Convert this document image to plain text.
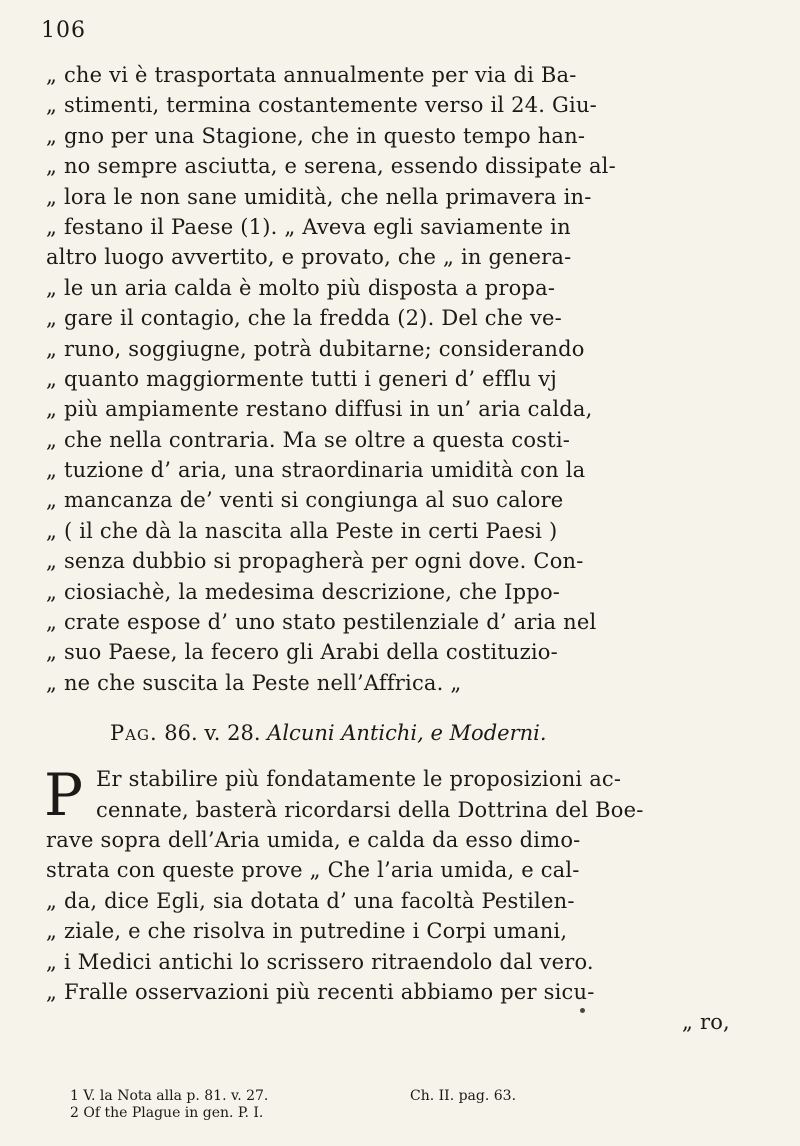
106
„ che vi è trasportata annualmente per via di Ba-
„ stimenti, termina costantemente verso il 24. Giu-
„ gno per una Stagione, che in questo tempo han-
„ no sempre asciutta, e serena, essendo dissipate al-
„ lora le non sane umidità, che nella primavera in-
„ festano il Paese (1). „ Aveva egli saviamente in
altro luogo avvertito, e provato, che „ in genera-
„ le un aria calda è molto più disposta a propa-
„ gare il contagio, che la fredda (2). Del che ve-
„ runo, soggiugne, potrà dubitarne; considerando
„ quanto maggiormente tutti i generi d’ efflu vj
„ più ampiamente restano diffusi in un’ aria calda,
„ che nella contraria. Ma se oltre a questa costi-
„ tuzione d’ aria, una straordinaria umidità con la
„ mancanza de’ venti si congiunga al suo calore
„ ( il che dà la nascita alla Peste in certi Paesi )
„ senza dubbio si propagherà per ogni dove. Con-
„ ciosiachè, la medesima descrizione, che Ippo-
„ crate espose d’ uno stato pestilenziale d’ aria nel
„ suo Paese, la fecero gli Arabi della costituzio-
„ ne che suscita la Peste nell’Affrica. „
Pag. 86. v. 28. Alcuni Antichi, e Moderni.
P Er stabilire più fondatamente le proposizioni ac-
cennate, basterà ricordarsi della Dottrina del Boe-
rave sopra dell’Aria umida, e calda da esso dimo-
strata con queste prove „ Che l’aria umida, e cal-
„ da, dice Egli, sia dotata d’ una facoltà Pestilen-
„ ziale, e che risolva in putredine i Corpi umani,
„ i Medici antichi lo scrissero ritraendolo dal vero.
„ Fralle osservazioni più recenti abbiamo per sicu-
„ ro,
1 V. la Nota alla p. 81. v. 27.	Ch. II. pag. 63.
2 Of the Plague in gen. P. I.
